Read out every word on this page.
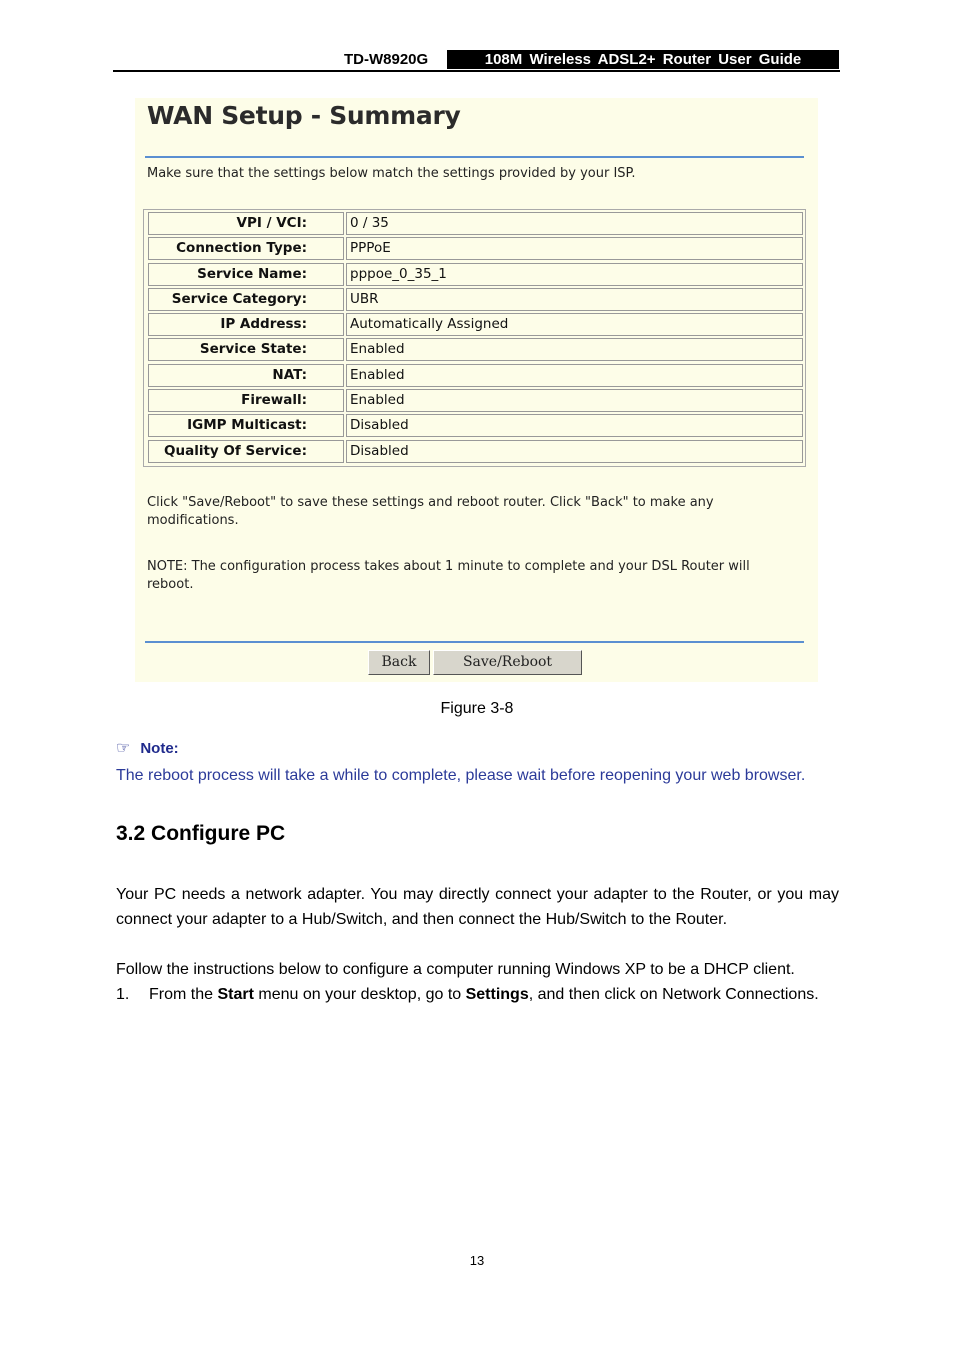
TD-W8920G	108M Wireless ADSL2+ Router User Guide
WAN Setup - Summary
Make sure that the settings below match the settings provided by your ISP.
VPI / VCI:	0 / 35
Connection Type:	PPPoE
Service Name:	pppoe_0_35_1
Service Category:	UBR
IP Address:	Automatically Assigned
Service State:	Enabled
NAT:	Enabled
Firewall:	Enabled
IGMP Multicast:	Disabled
Quality Of Service:	Disabled
Click "Save/Reboot" to save these settings and reboot router. Click "Back" to make any modifications.
NOTE: The configuration process takes about 1 minute to complete and your DSL Router will reboot.
Back	Save/Reboot
Figure 3-8
☞ Note:
The reboot process will take a while to complete, please wait before reopening your web browser.
3.2 Configure PC
Your PC needs a network adapter. You may directly connect your adapter to the Router, or you may connect your adapter to a Hub/Switch, and then connect the Hub/Switch to the Router.
Follow the instructions below to configure a computer running Windows XP to be a DHCP client.
1. From the Start menu on your desktop, go to Settings, and then click on Network Connections.
13
